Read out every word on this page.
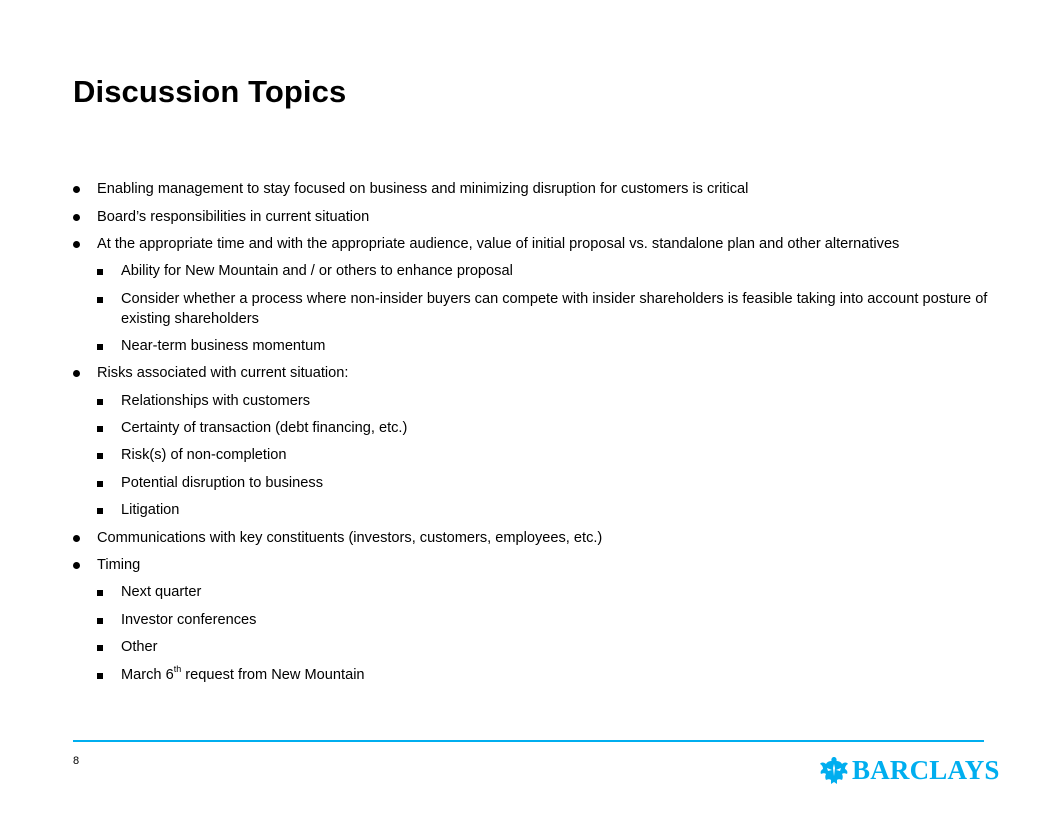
Discussion Topics
Enabling management to stay focused on business and minimizing disruption for customers is critical
Board’s responsibilities in current situation
At the appropriate time and with the appropriate audience, value of initial proposal vs. standalone plan and other alternatives
Ability for New Mountain and / or others to enhance proposal
Consider whether a process where non-insider buyers can compete with insider shareholders is feasible taking into account posture of existing shareholders
Near-term business momentum
Risks associated with current situation:
Relationships with customers
Certainty of transaction (debt financing, etc.)
Risk(s) of non-completion
Potential disruption to business
Litigation
Communications with key constituents (investors, customers, employees, etc.)
Timing
Next quarter
Investor conferences
Other
March 6th request from New Mountain
8	BARCLAYS
